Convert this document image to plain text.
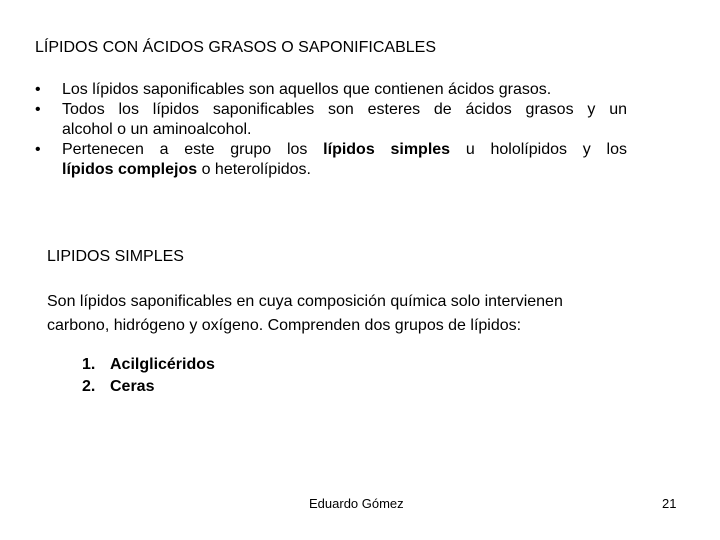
LÍPIDOS CON ÁCIDOS GRASOS O SAPONIFICABLES
• Los lípidos saponificables son aquellos que contienen ácidos grasos.
• Todos los lípidos saponificables son esteres de ácidos grasos y un
alcohol o un aminoalcohol.
• Pertenecen a este grupo los lípidos simples u hololípidos y los
lípidos complejos o heterolípidos.
LIPIDOS SIMPLES
Son lípidos saponificables en cuya composición química solo intervienen
carbono, hidrógeno y oxígeno. Comprenden dos grupos de lípidos:
1. Acilglicéridos
2. Ceras
Eduardo Gómez	21
